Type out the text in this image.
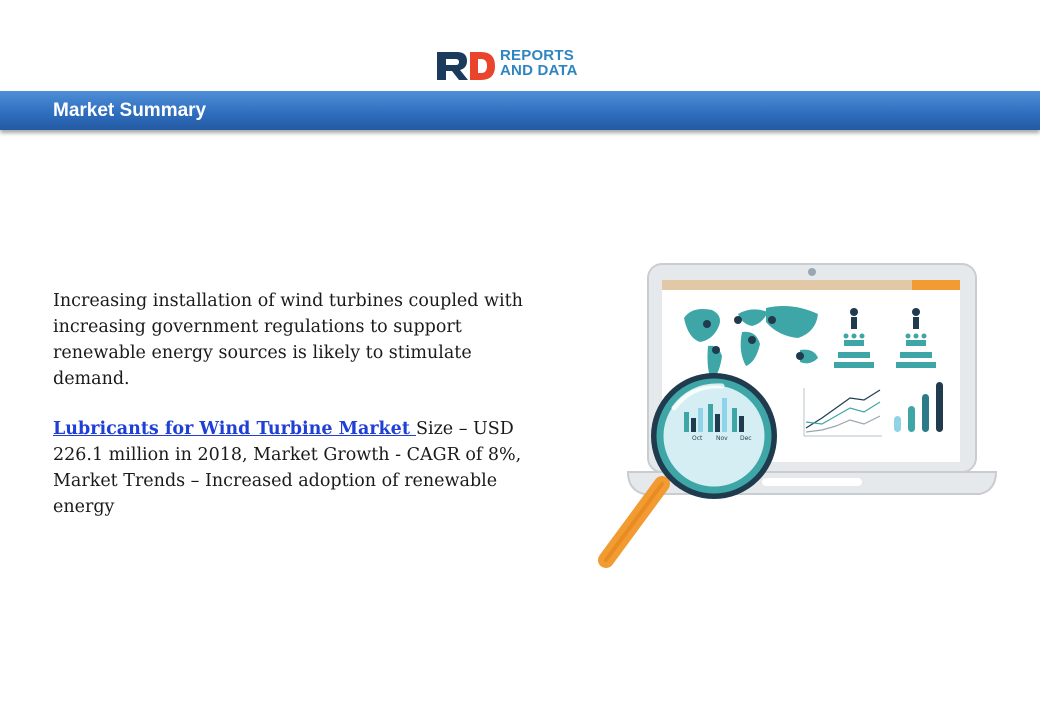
REPORTS
AND DATA
Market Summary

Increasing installation of wind turbines coupled with increasing government regulations to support renewable energy sources is likely to stimulate demand.

Lubricants for Wind Turbine Market Size – USD 226.1 million in 2018, Market Growth - CAGR of 8%, Market Trends – Increased adoption of renewable energy

Oct Nov Dec
